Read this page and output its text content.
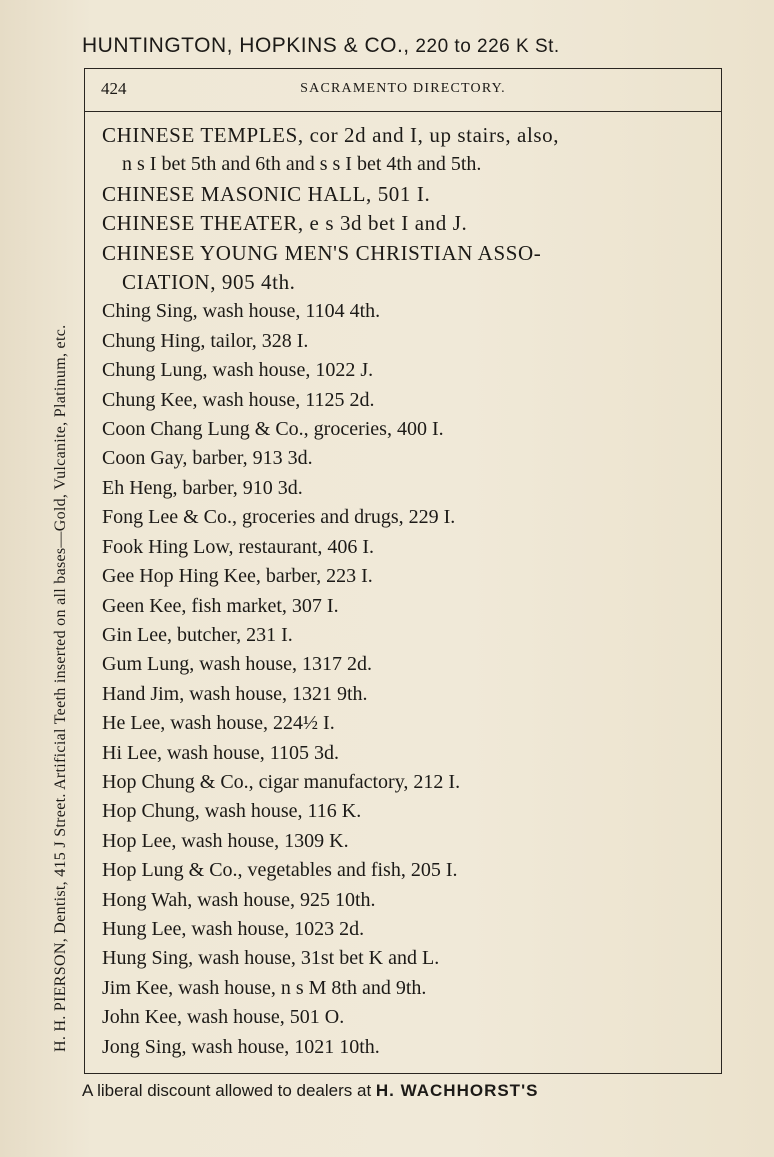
HUNTINGTON, HOPKINS & CO., 220 to 226 K St.
H. H. PIERSON, Dentist, 415 J Street. Artificial Teeth inserted on all bases—Gold, Vulcanite, Platinum, etc.
424	SACRAMENTO DIRECTORY.

CHINESE TEMPLES, cor 2d and I, up stairs, also,

n s I bet 5th and 6th and s s I bet 4th and 5th.

CHINESE MASONIC HALL, 501 I.

CHINESE THEATER, e s 3d bet I and J.

CHINESE YOUNG MEN'S CHRISTIAN ASSO-

CIATION, 905 4th.

Ching Sing, wash house, 1104 4th.

Chung Hing, tailor, 328 I.

Chung Lung, wash house, 1022 J.

Chung Kee, wash house, 1125 2d.

Coon Chang Lung & Co., groceries, 400 I.

Coon Gay, barber, 913 3d.

Eh Heng, barber, 910 3d.

Fong Lee & Co., groceries and drugs, 229 I.

Fook Hing Low, restaurant, 406 I.

Gee Hop Hing Kee, barber, 223 I.

Geen Kee, fish market, 307 I.

Gin Lee, butcher, 231 I.

Gum Lung, wash house, 1317 2d.

Hand Jim, wash house, 1321 9th.

He Lee, wash house, 224½ I.

Hi Lee, wash house, 1105 3d.

Hop Chung & Co., cigar manufactory, 212 I.

Hop Chung, wash house, 116 K.

Hop Lee, wash house, 1309 K.

Hop Lung & Co., vegetables and fish, 205 I.

Hong Wah, wash house, 925 10th.

Hung Lee, wash house, 1023 2d.

Hung Sing, wash house, 31st bet K and L.

Jim Kee, wash house, n s M 8th and 9th.

John Kee, wash house, 501 O.

Jong Sing, wash house, 1021 10th.

A liberal discount allowed to dealers at H. WACHHORST'S
